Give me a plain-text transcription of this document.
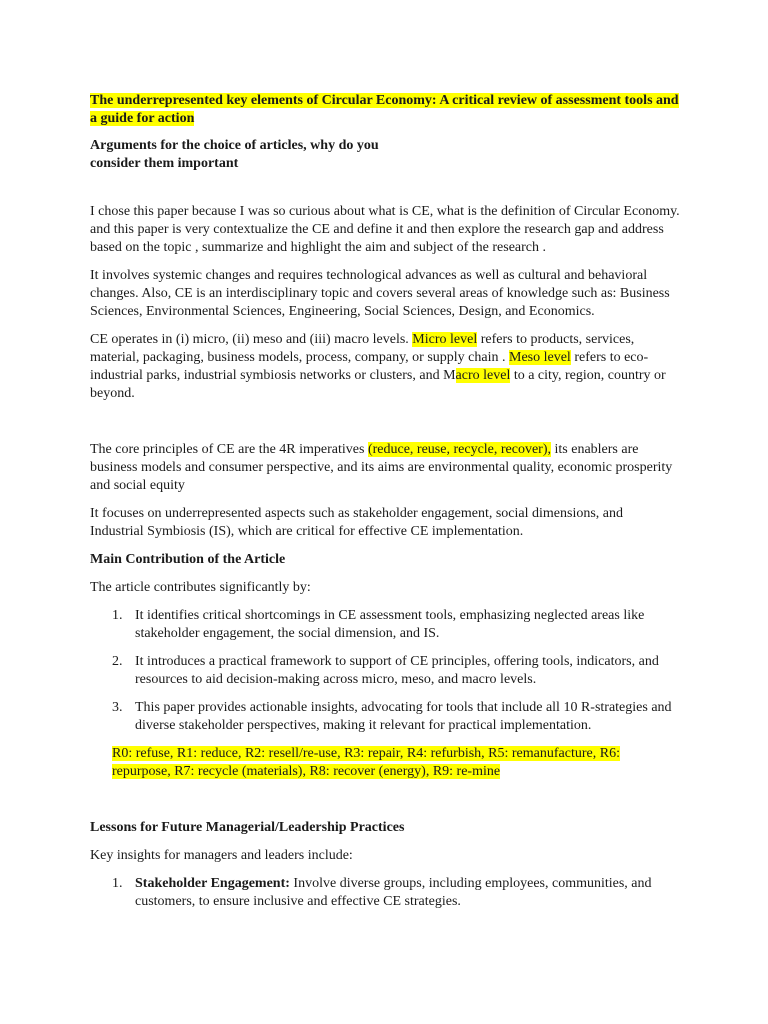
The underrepresented key elements of Circular Economy: A critical review of assessment tools and a guide for action

Arguments for the choice of articles, why do you
consider them important

I chose this paper because I was so curious about what is CE, what is the definition of Circular Economy. and this paper is very contextualize the CE and define it and then explore the research gap and address based on the topic , summarize and highlight the aim and subject of the research .

It involves systemic changes and requires technological advances as well as cultural and behavioral changes. Also, CE is an interdisciplinary topic and covers several areas of knowledge such as: Business Sciences, Environmental Sciences, Engineering, Social Sciences, Design, and Economics.

CE operates in (i) micro, (ii) meso and (iii) macro levels. Micro level refers to products, services, material, packaging, business models, process, company, or supply chain . Meso level refers to eco-industrial parks, industrial symbiosis networks or clusters, and Macro level to a city, region, country or beyond.

The core principles of CE are the 4R imperatives (reduce, reuse, recycle, recover), its enablers are business models and consumer perspective, and its aims are environmental quality, economic prosperity and social equity

It focuses on underrepresented aspects such as stakeholder engagement, social dimensions, and Industrial Symbiosis (IS), which are critical for effective CE implementation.

Main Contribution of the Article

The article contributes significantly by:

1. It identifies critical shortcomings in CE assessment tools, emphasizing neglected areas like stakeholder engagement, the social dimension, and IS.
2. It introduces a practical framework to support of CE principles, offering tools, indicators, and resources to aid decision-making across micro, meso, and macro levels.
3. This paper provides actionable insights, advocating for tools that include all 10 R-strategies and diverse stakeholder perspectives, making it relevant for practical implementation.

R0: refuse, R1: reduce, R2: resell/re-use, R3: repair, R4: refurbish, R5: remanufacture, R6: repurpose, R7: recycle (materials), R8: recover (energy), R9: re-mine

Lessons for Future Managerial/Leadership Practices

Key insights for managers and leaders include:

1. Stakeholder Engagement: Involve diverse groups, including employees, communities, and customers, to ensure inclusive and effective CE strategies.
